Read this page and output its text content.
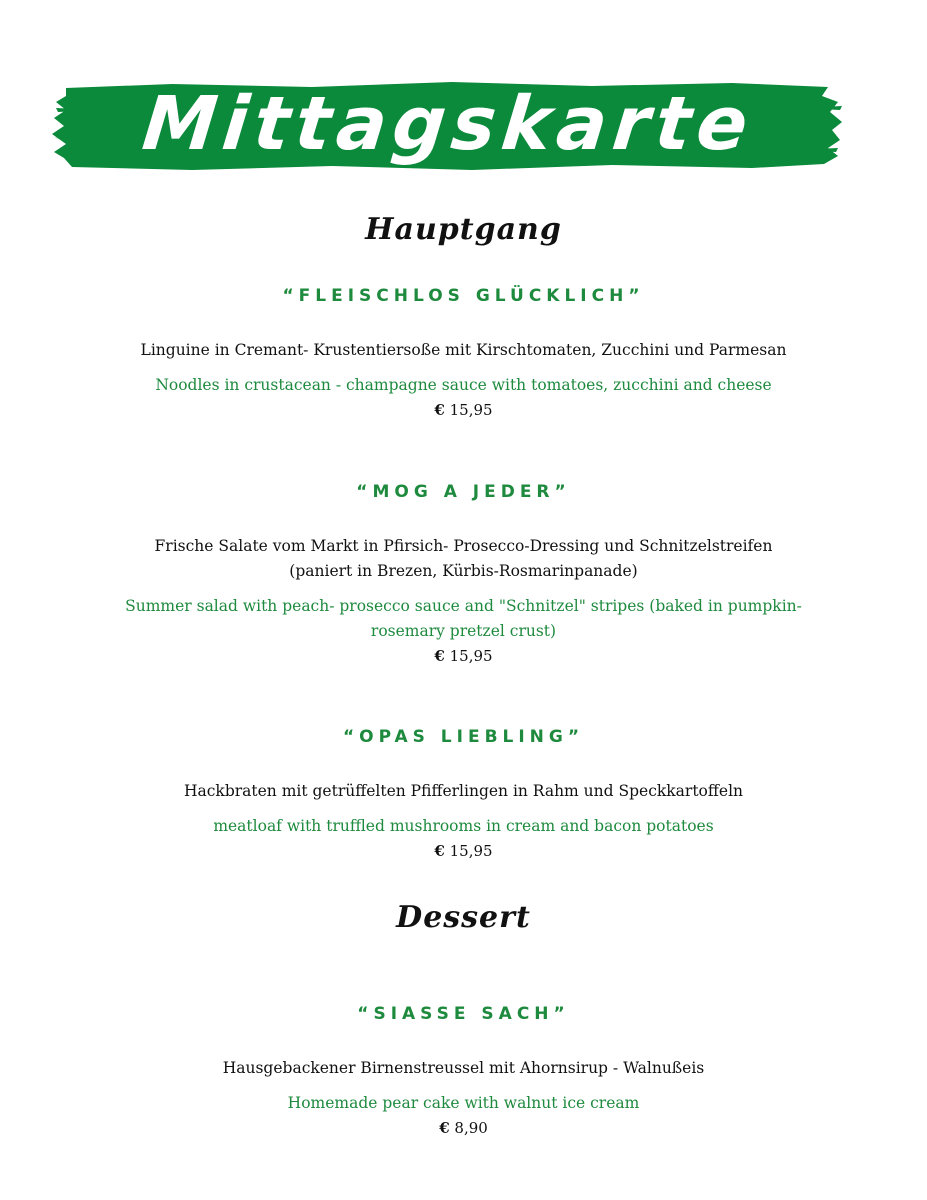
Mittagskarte
Hauptgang
“FLEISCHLOS GLÜCKLICH”
Linguine in Cremant- Krustentiersoße mit Kirschtomaten, Zucchini und Parmesan
Noodles in crustacean - champagne sauce with tomatoes, zucchini and cheese
€ 15,95
“MOG A JEDER”
Frische Salate vom Markt in Pfirsich- Prosecco-Dressing und Schnitzelstreifen
(paniert in Brezen, Kürbis-Rosmarinpanade)
Summer salad with peach- prosecco sauce and "Schnitzel" stripes (baked in pumpkin-rosemary pretzel crust)
€ 15,95
“OPAS LIEBLING”
Hackbraten mit getrüffelten Pfifferlingen in Rahm und Speckkartoffeln
meatloaf with truffled mushrooms in cream and bacon potatoes
€ 15,95
Dessert
“SIASSE SACH”
Hausgebackener Birnenstreussel mit Ahornsirup - Walnußeis
Homemade pear cake with walnut ice cream
€ 8,90
